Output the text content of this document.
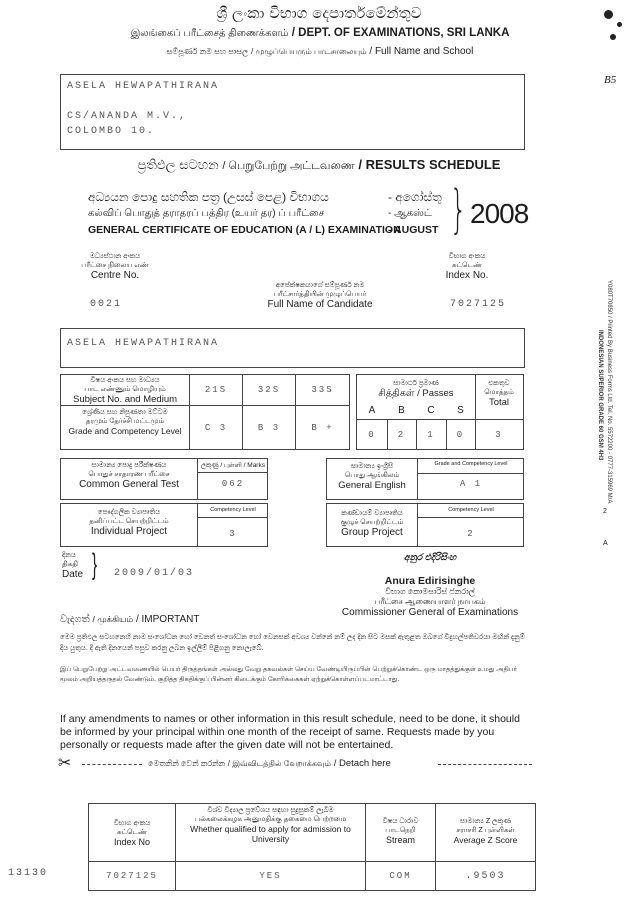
ශ්‍රී ලංකා විභාග දෙපාර්තමේන්තුව
இலங்கைப் பரீட்சைத் திணைக்களம் / DEPT. OF EXAMINATIONS, SRI LANKA
සම්පූර්ණ නම සහ පාසල / முழுப்பெயரும் பாடசாலையும் / Full Name and School
B5
ASELA HEWAPATHIRANA
CS/ANANDA M.V.,
COLOMBO 10.
ප්‍රතිඵල සටහන / பெறுபேற்று அட்டவணை / RESULTS SCHEDULE
අධ්‍යයන පොදු සහතික පත්‍ර (උසස් පෙළ) විභාගය
கல்விப் பொதுத் தராதரப் பத்திர (உயர் தர) ப் பரீட்சை
GENERAL CERTIFICATE OF EDUCATION (A / L) EXAMINATION
- අගෝස්තු
- ஆகஸ்ட்
- AUGUST } 2008
මධ්‍යස්ථාන අංකය
பரீட்சை நிலைய எண்
Centre No.
විභාග අංකය
சுட்டெண்
Index No.
0021	7027125
අපේක්ෂකයාගේ සම්පූර්ණ නම
பரீட்சார்த்தியின் முழுப்பெயர்
Full Name of Candidate
ASELA HEWAPATHIRANA
විෂය අංකය සහ මාධ්‍යය
பாட எண்ணும் மொழியும்
Subject No. and Medium
ශ්‍රේණිය සහ නිපුණතා මට්ටම
தரமும் தேர்ச்சி மட்டமும்
Grade and Competency Level
21S	32S	33S
C 3	B 3	B +
සාමාර්ථ ප්‍රමාණ
சித்திகள் / Passes
A	B	C	S
එකතුව
மொத்தம்
Total
0	2	1	0	3
සාමාන්‍ය පොදු පරීක්ෂණය
பொதுச் சாதாரண பரீட்சை
Common General Test
ලකුණු / புள்ளி / Marks
062
සාමාන්‍ය ඉංග්‍රීසි
பொது ஆங்கிலம்
General English
Grade and Competency Level
A 1
පෞද්ගලික ව්‍යාපෘතිය
தனிப்பட்ட செயற்றிட்டம்
Individual Project
Competency Level
3
කණ්ඩායම් ව්‍යාපෘතිය
குழுச் செயற்றிட்டம்
Group Project
Competency Level
2
දිනය
திகதி
Date } 2009/01/03
අනුර එදිරිසිංහ
Anura Edirisinghe
විභාග කොමසාරිස් ජනරාල්
பரீட்சை ஆணையாளர் நாயகம்
Commissioner General of Examinations
වැදගත් / முக்கியம் / IMPORTANT
මෙම ප්‍රතිඵල සටහනෙහි නාම සංශෝධන හෝ වෙනත් සංශෝධන හෝ වෙනසක් අවශ්‍ය වන්නේ නම් ලද දින සිට මසක් ඇතුළත ඔබගේ විදුහල්පතිවරයා මඟින් දැනුම් දිය යුතුය. දී ඇති දිනයෙන් පසුව කරනු ලබන ඉල්ලීම් පිළිගනු නොලැබේ.
இப் பெறுபேற்று அட்டவணையில் பெயர் திருத்தங்கள் அல்லது வேறு தகவல்கள் செய்ய வேண்டியிருப்பின் பெற்றுக்கொண்ட ஒரு மாதத்துக்குள் உமது அதிபர் மூலம் அறியத்தருதல் வேண்டும். குறித்த திகதிக்குப் பின்னர் கிடைக்கும் கோரிக்கைகள் ஏற்றுக்கொள்ளப்படமாட்டாது.
If any amendments to names or other information in this result schedule, need to be done, it should be informed by your principal within one month of the receipt of same. Requests made by you personally or requests made after the given date will not be entertained.
✂	මෙතනින් වෙන් කරන්න / இவ்விடத்தில் வேறாக்கவும் / Detach here
විභාග අංකය
சுட்டெண்
Index No
විශ්ව විද්‍යාල ප්‍රවේශය සඳහා සුදුසුකම් ලැබීම
பல்கலைக்கழக அனுமதிக்கு தகைமை பெற்றமை
Whether qualified to apply for admission to University
විෂය ධාරාව
பாடநெறி
Stream
සාමාන්‍ය Z ලකුණ
சராசரி Z புள்ளிகள்
Average Z Score
7027125	YES	COM	.9503
13130
Y080T70850 / Printed By Business Forms Ltd. Tel. No. 5572200 - 0777-315969 M/A
INDONESIAN SUPERIOR GRADE 60 GSM 4H3
2
A
